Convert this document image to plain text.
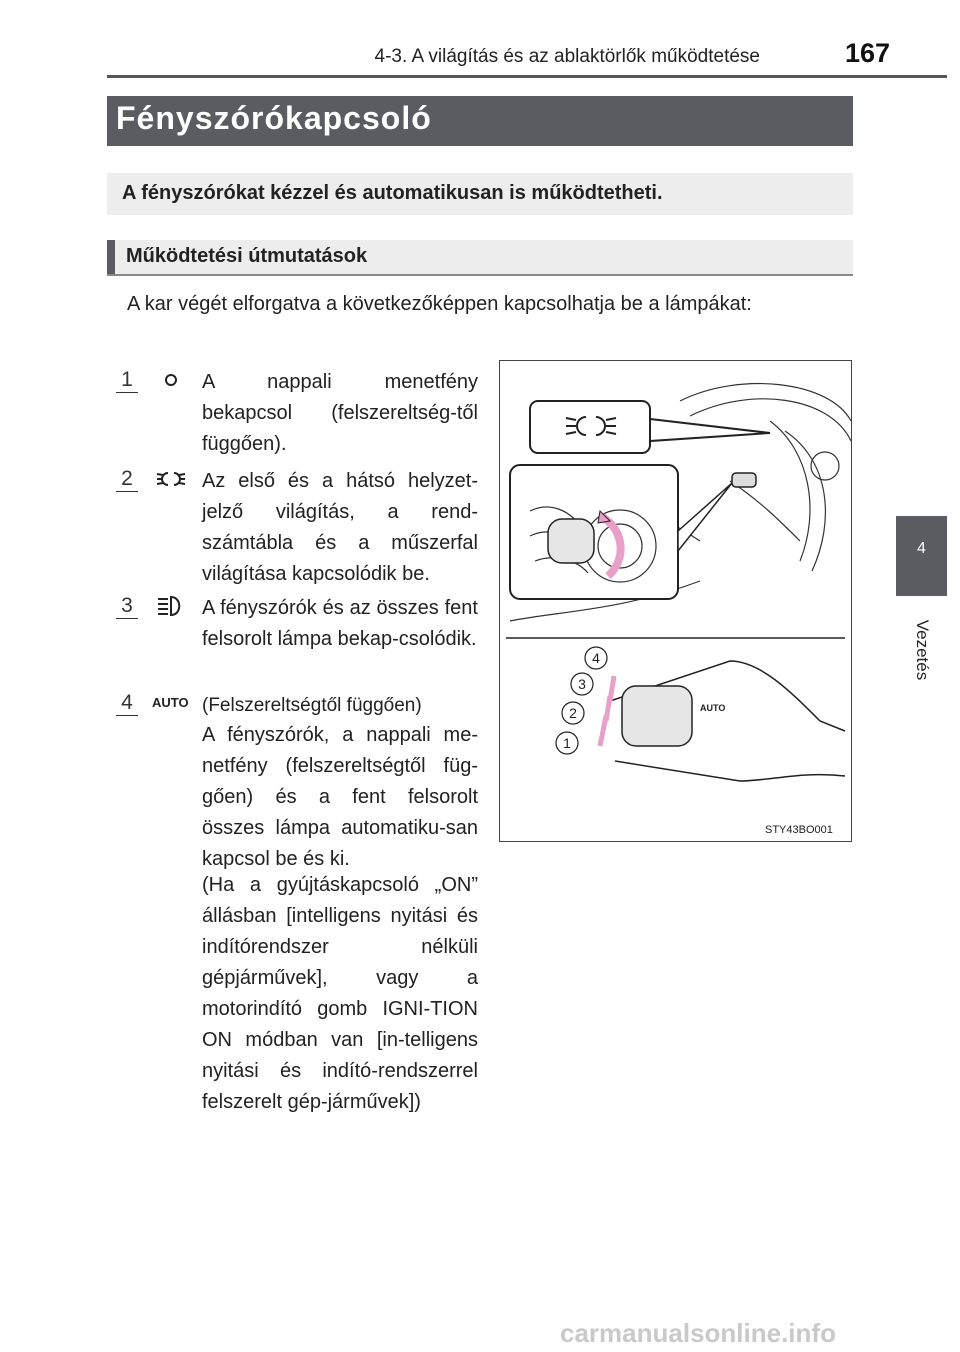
4-3. A világítás és az ablaktörlők működtetése	167
Fényszórókapcsoló
A fényszórókat kézzel és automatikusan is működtetheti.
Működtetési útmutatások
A kar végét elforgatva a következőképpen kapcsolhatja be a lámpákat:
1	A nappali menetfény bekapcsol (felszereltség-től függően).
2	Az első és a hátsó helyzet-jelző világítás, a rend-számtábla és a műszerfal világítása kapcsolódik be.
3	A fényszórók és az összes fent felsorolt lámpa bekap-csolódik.
4	AUTO (Felszereltségtől függően)
A fényszórók, a nappali me-netfény (felszereltségtől füg-gően) és a fent felsorolt összes lámpa automatiku-san kapcsol be és ki.
(Ha a gyújtáskapcsoló „ON” állásban [intelligens nyitási és indítórendszer nélküli gépjárművek], vagy a motorindító gomb IGNI-TION ON módban van [in-telligens nyitási és indító-rendszerrel felszerelt gép-járművek])
AUTO
1
2
3
4
STY43BO001
4
Vezetés
carmanualsonline.info
